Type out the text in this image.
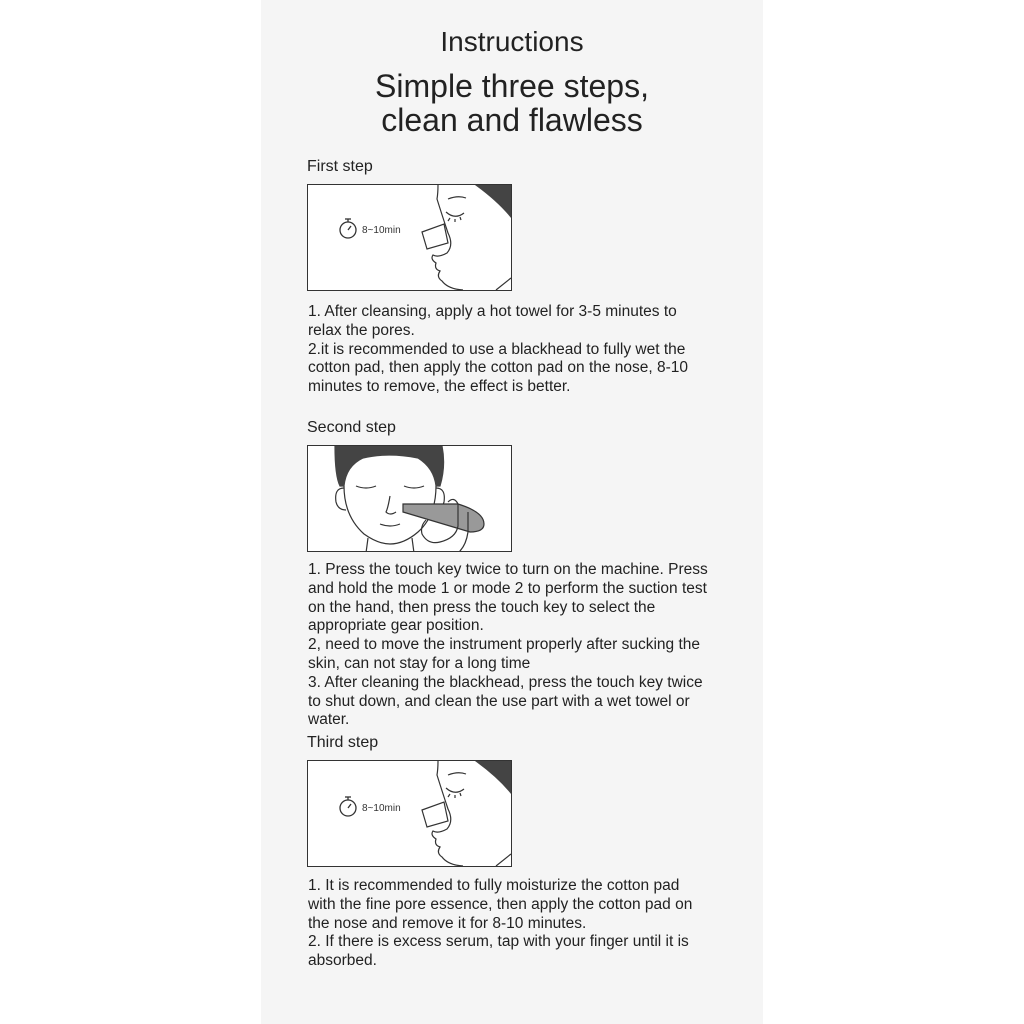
Instructions
Simple three steps,
clean and flawless
First step
8~10min

1. After cleansing, apply a hot towel for 3-5 minutes to
relax the pores.
2.it is recommended to use a blackhead to fully wet the
cotton pad, then apply the cotton pad on the nose, 8-10
minutes to remove, the effect is better.

Second step

1. Press the touch key twice to turn on the machine. Press
and hold the mode 1 or mode 2 to perform the suction test
on the hand, then press the touch key to select the
appropriate gear position.
2, need to move the instrument properly after sucking the
skin, can not stay for a long time
3. After cleaning the blackhead, press the touch key twice
to shut down, and clean the use part with a wet towel or
water.

Third step
8~10min

1. It is recommended to fully moisturize the cotton pad
with the fine pore essence, then apply the cotton pad on
the nose and remove it for 8-10 minutes.
2. If there is excess serum, tap with your finger until it is
absorbed.
